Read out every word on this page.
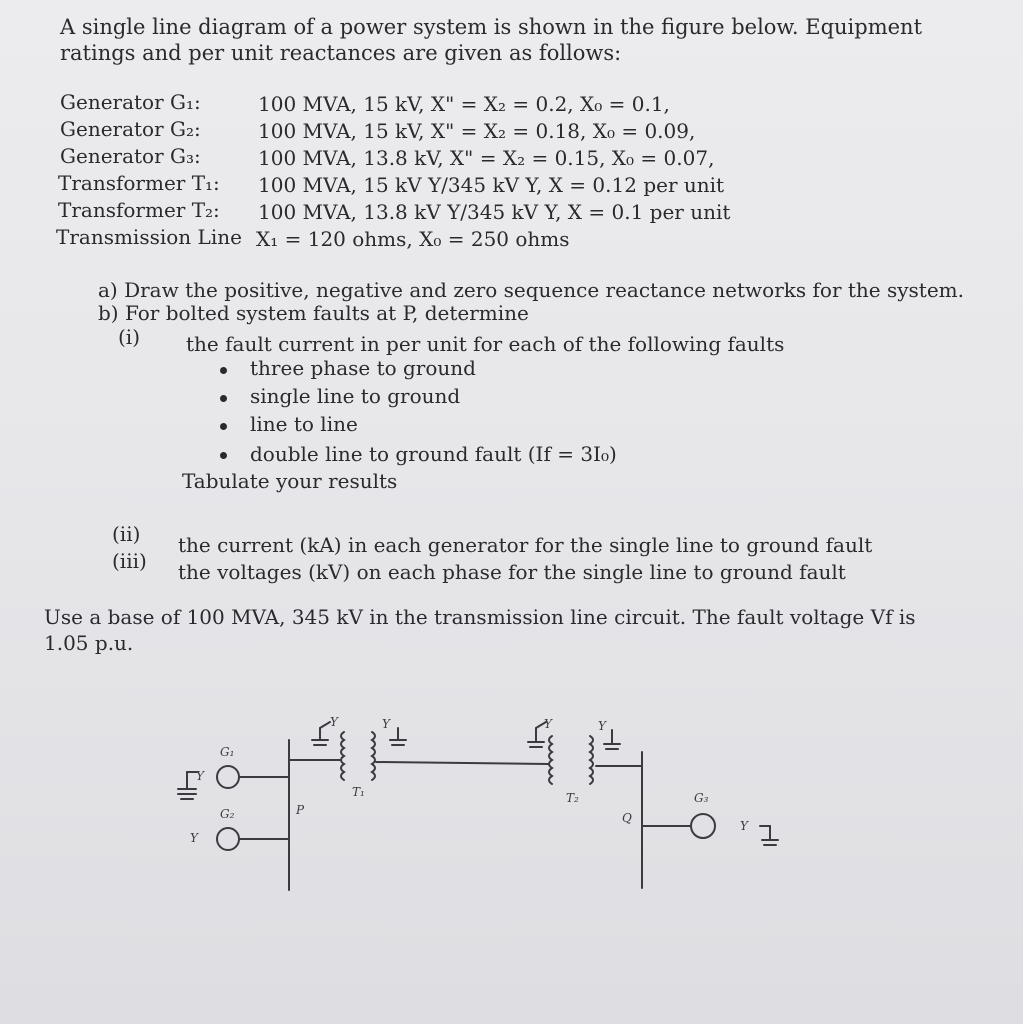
A single line diagram of a power system is shown in the figure below. Equipment
ratings and per unit reactances are given as follows:
Generator G₁:	100 MVA, 15 kV, X" = X₂ = 0.2, X₀ = 0.1,
Generator G₂:	100 MVA, 15 kV, X" = X₂ = 0.18, X₀ = 0.09,
Generator G₃:	100 MVA, 13.8 kV, X" = X₂ = 0.15, X₀ = 0.07,
Transformer T₁: 100 MVA, 15 kV Y/345 kV Y, X = 0.12 per unit
Transformer T₂: 100 MVA, 13.8 kV Y/345 kV Y, X = 0.1 per unit
Transmission Line X₁ = 120 ohms, X₀ = 250 ohms
a) Draw the positive, negative and zero sequence reactance networks for the system.
b) For bolted system faults at P, determine
(i) the fault current in per unit for each of the following faults
three phase to ground
single line to ground
line to line
double line to ground fault (If = 3I₀)
Tabulate your results
(ii) the current (kA) in each generator for the single line to ground fault
(iii) the voltages (kV) on each phase for the single line to ground fault
Use a base of 100 MVA, 345 kV in the transmission line circuit. The fault voltage Vf is
1.05 p.u.
G₁
G₂
G₃
T₁	T₂
P
Q
Y
Y
Y	Y	Y	Y
Y
